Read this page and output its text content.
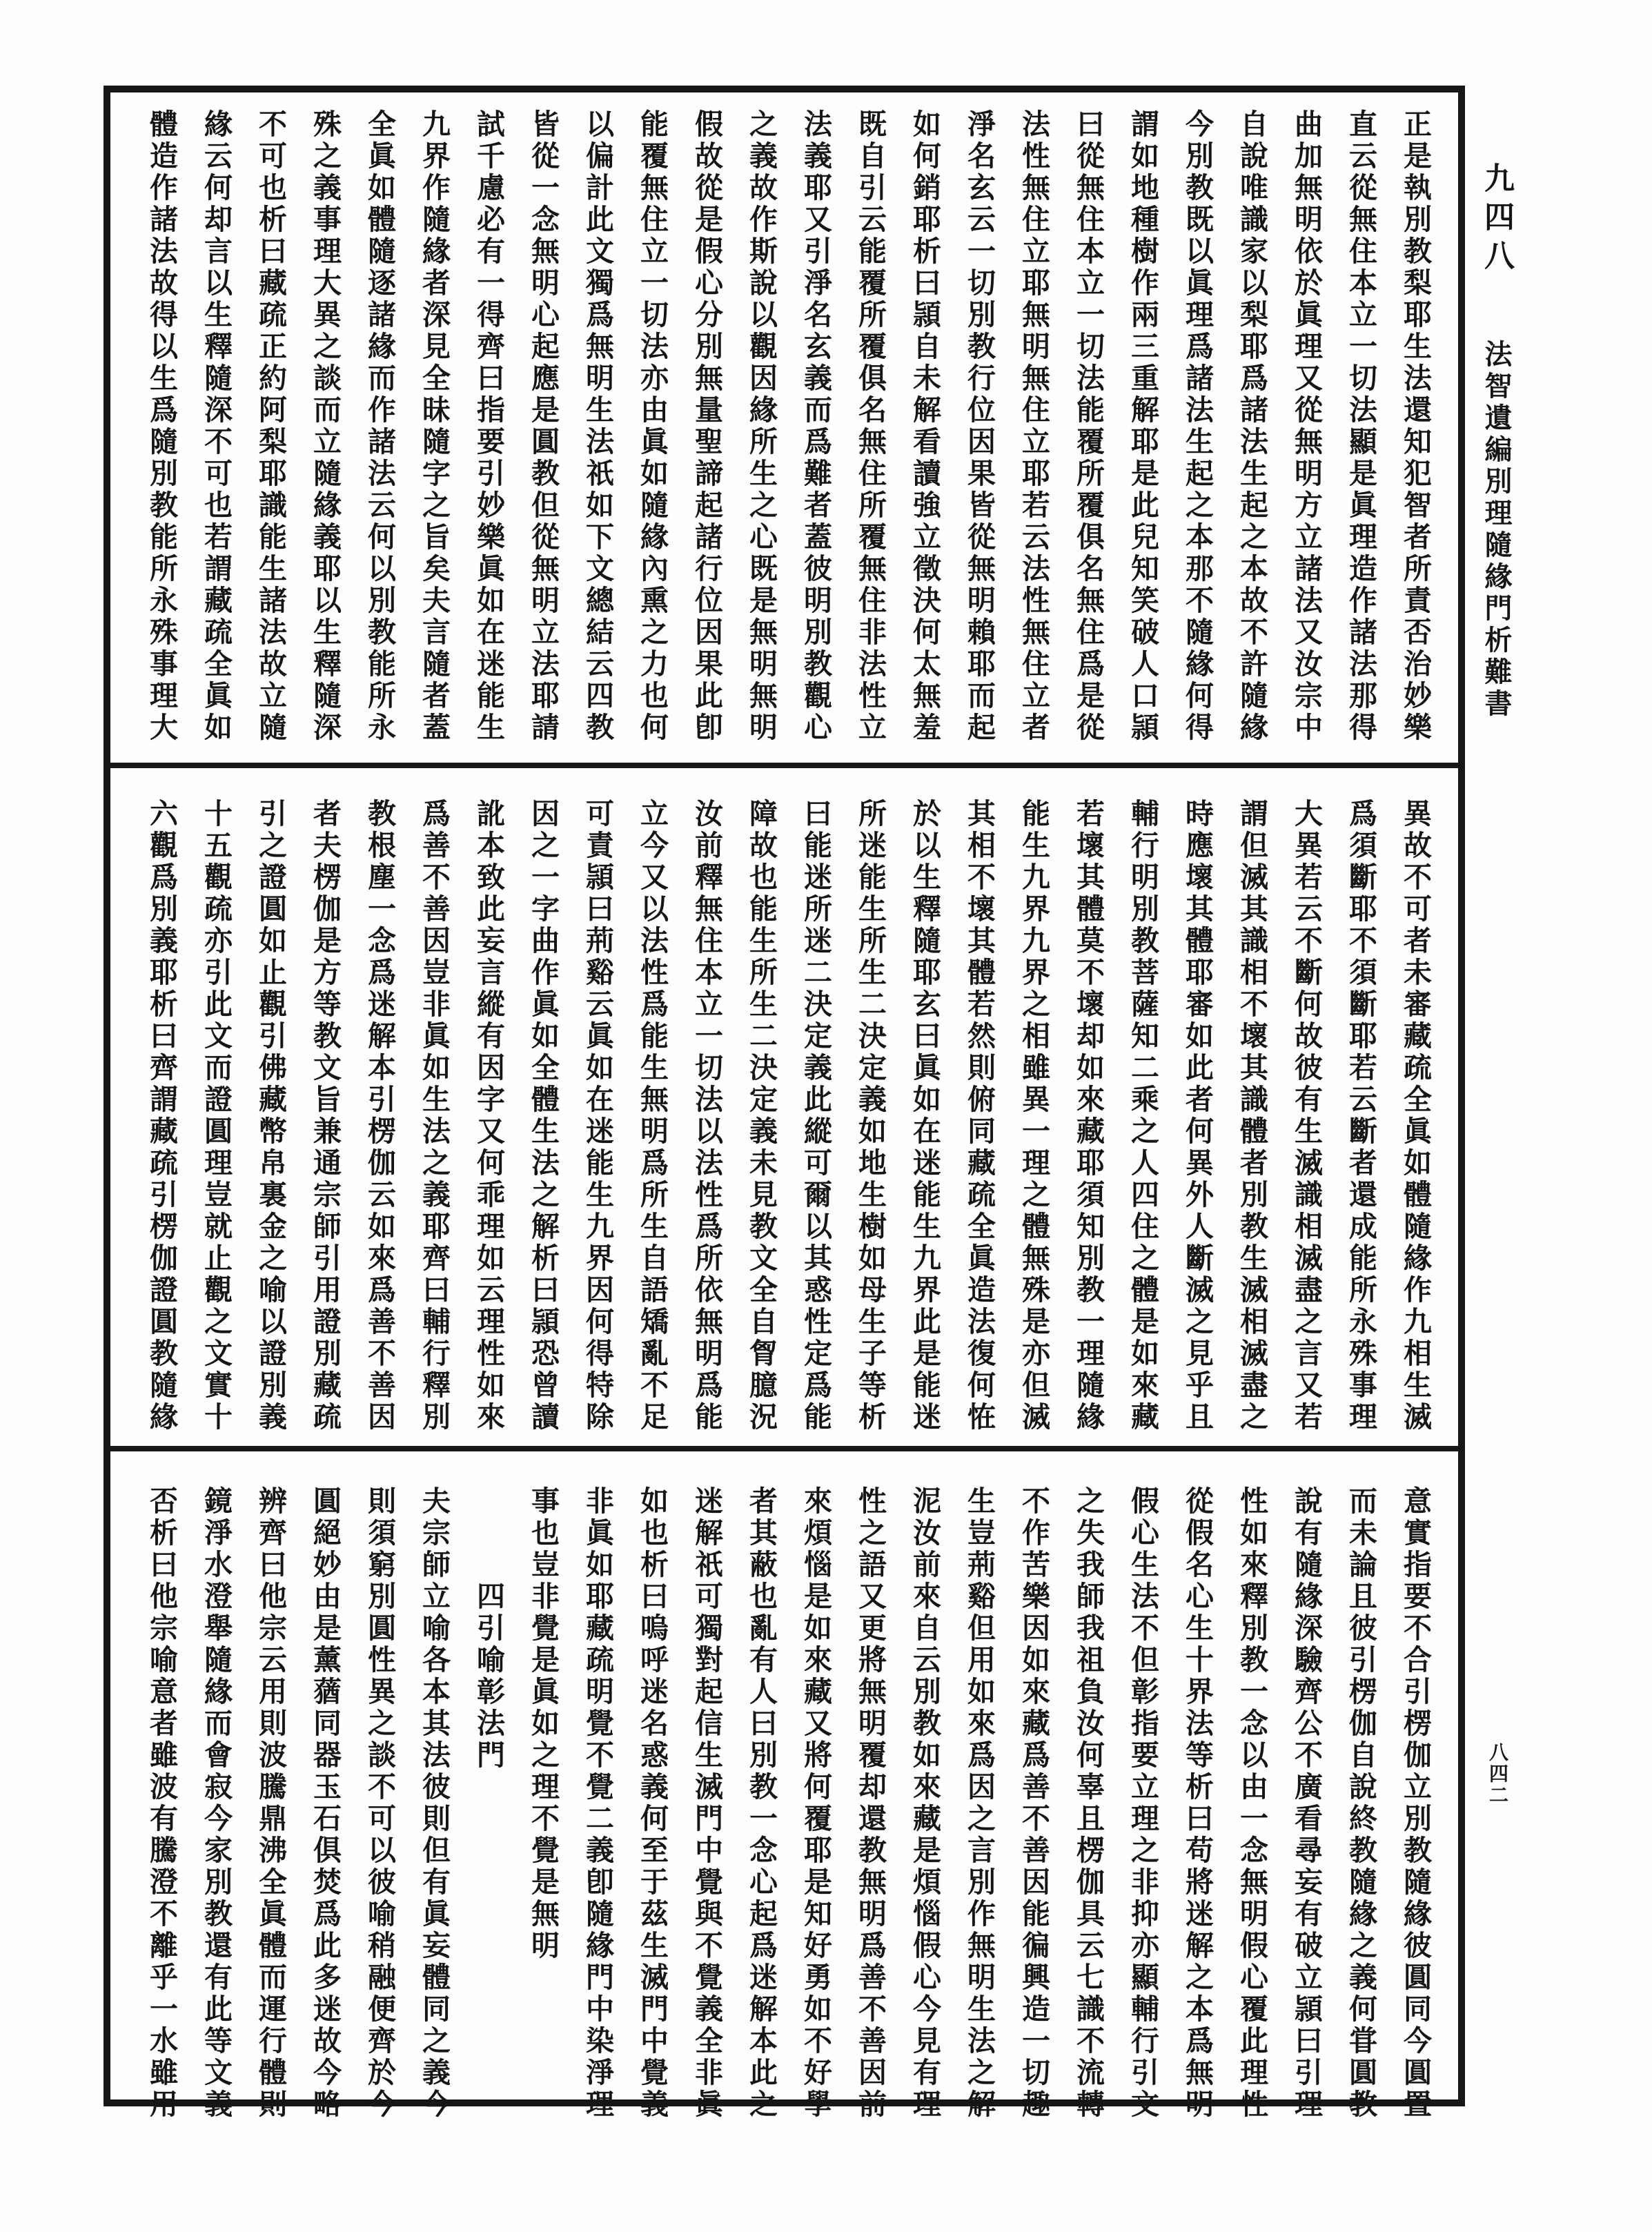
正是執別教梨耶生法還知犯智者所責否治妙樂
直云從無住本立一切法顯是眞理造作諸法那得
曲加無明依於眞理又從無明方立諸法又汝宗中
自說唯識家以梨耶爲諸法生起之本故不許隨緣
今別教既以眞理爲諸法生起之本那不隨緣何得
謂如地種樹作兩三重解耶是此兒知笑破人口頴
曰從無住本立一切法能覆所覆俱名無住爲是從
法性無住立耶無明無住立耶若云法性無住立者
淨名玄云一切別教行位因果皆從無明賴耶而起
如何銷耶析曰頴自未解看讀強立徵決何太無羞
既自引云能覆所覆俱名無住所覆無住非法性立
法義耶又引淨名玄義而爲難者蓋彼明別教觀心
之義故作斯說以觀因緣所生之心既是無明無明
假故從是假心分別無量聖諦起諸行位因果此卽
能覆無住立一切法亦由眞如隨緣內熏之力也何
以偏計此文獨爲無明生法祇如下文總結云四教
皆從一念無明心起應是圓教但從無明立法耶請
試千慮必有一得齊曰指要引妙樂眞如在迷能生
九界作隨緣者深見全昧隨字之旨矣夫言隨者蓋
全眞如體隨逐諸緣而作諸法云何以別教能所永
殊之義事理大異之談而立隨緣義耶以生釋隨深
不可也析曰藏疏正約阿梨耶識能生諸法故立隨
緣云何却言以生釋隨深不可也若謂藏疏全眞如
體造作諸法故得以生爲隨別教能所永殊事理大
異故不可者未審藏疏全眞如體隨緣作九相生滅
爲須斷耶不須斷耶若云斷者還成能所永殊事理
大異若云不斷何故彼有生滅識相滅盡之言又若
謂但滅其識相不壞其識體者別教生滅相滅盡之
時應壞其體耶審如此者何異外人斷滅之見乎且
輔行明別教菩薩知二乘之人四住之體是如來藏
若壞其體莫不壞却如來藏耶須知別教一理隨緣
能生九界九界之相雖異一理之體無殊是亦但滅
其相不壞其體若然則俯同藏疏全眞造法復何恠
於以生釋隨耶玄曰眞如在迷能生九界此是能迷
所迷能生所生二決定義如地生樹如母生子等析
曰能迷所迷二決定義此縱可爾以其惑性定爲能
障故也能生所生二決定義未見教文全自胷臆況
汝前釋無住本立一切法以法性爲所依無明爲能
立今又以法性爲能生無明爲所生自語矯亂不足
可責頴曰荊谿云眞如在迷能生九界因何得特除
因之一字曲作眞如全體生法之解析曰頴恐曾讀
訛本致此妄言縱有因字又何乖理如云理性如來
爲善不善因豈非眞如生法之義耶齊曰輔行釋別
教根塵一念爲迷解本引楞伽云如來爲善不善因
者夫楞伽是方等教文旨兼通宗師引用證別藏疏
引之證圓如止觀引佛藏幣帛裏金之喻以證別義
十五觀疏亦引此文而證圓理豈就止觀之文實十
六觀爲別義耶析曰齊謂藏疏引楞伽證圓教隨緣
意實指要不合引楞伽立別教隨緣彼圓同今圓置
而未論且彼引楞伽自說終教隨緣之義何甞圓教
說有隨緣深驗齊公不廣看尋妄有破立頴曰引理
性如來釋別教一念以由一念無明假心覆此理性
從假名心生十界法等析曰苟將迷解之本爲無明
假心生法不但彰指要立理之非抑亦顯輔行引文
之失我師我祖負汝何辜且楞伽具云七識不流轉
不作苦樂因如來藏爲善不善因能徧興造一切趣
生豈荊谿但用如來爲因之言別作無明生法之解
泥汝前來自云別教如來藏是煩惱假心今見有理
性之語又更將無明覆却還教無明爲善不善因前
來煩惱是如來藏又將何覆耶是知好勇如不好學
者其蔽也亂有人曰別教一念心起爲迷解本此之
迷解祇可獨對起信生滅門中覺與不覺義全非眞
如也析曰嗚呼迷名惑義何至于茲生滅門中覺義
非眞如耶藏疏明覺不覺二義卽隨緣門中染淨理
事也豈非覺是眞如之理不覺是無明
四引喻彰法門
夫宗師立喻各本其法彼則但有眞妄體同之義今
則須窮別圓性異之談不可以彼喻稍融便齊於今
圓絕妙由是薰蕕同器玉石俱焚爲此多迷故今略
辨齊曰他宗云用則波騰鼎沸全眞體而運行體則
鏡淨水澄舉隨緣而會寂今家別教還有此等文義
否析曰他宗喻意者雖波有騰澄不離乎一水雖用
九四八
法智遺編別理隨緣門析難書
八四二
